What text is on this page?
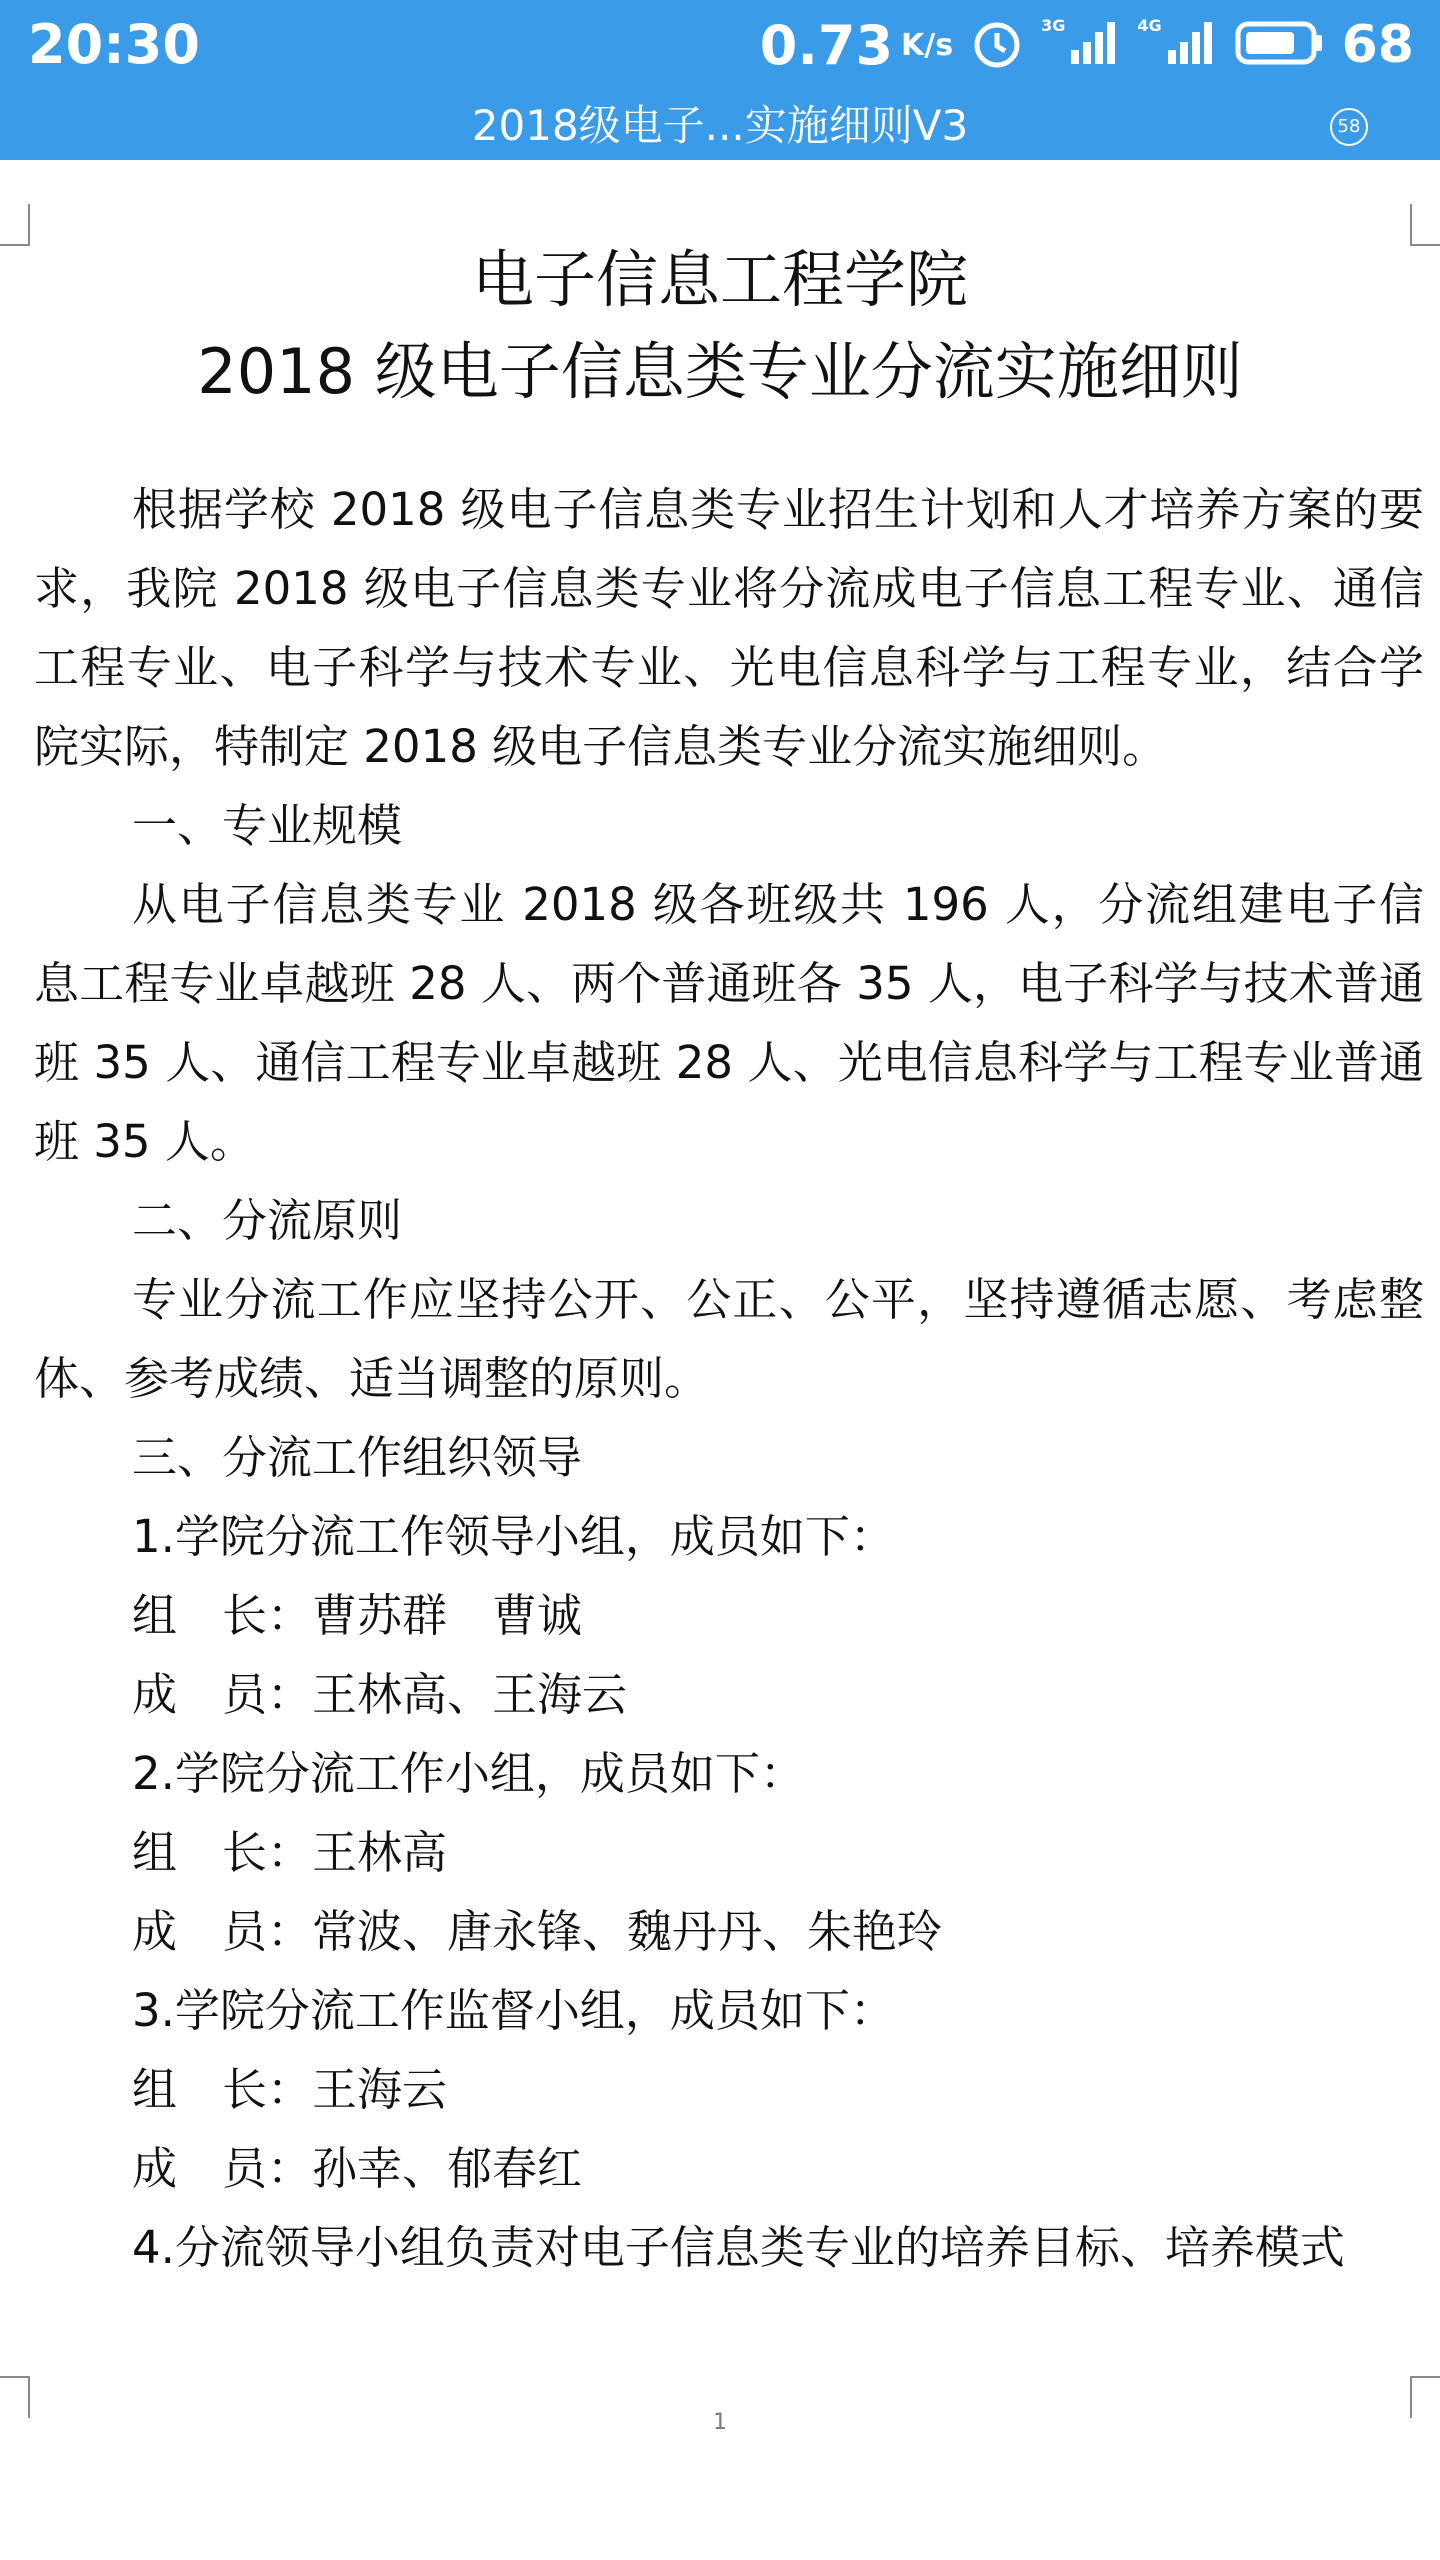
20:30	0.73 K/s
3G	4G	68
2018级电子...实施细则V3	58
电子信息工程学院
2018 级电子信息类专业分流实施细则
根据学校 2018 级电子信息类专业招生计划和人才培养方案的要求，我院 2018 级电子信息类专业将分流成电子信息工程专业、通信工程专业、电子科学与技术专业、光电信息科学与工程专业，结合学院实际，特制定 2018 级电子信息类专业分流实施细则。
一、专业规模
从电子信息类专业 2018 级各班级共 196 人，分流组建电子信息工程专业卓越班 28 人、两个普通班各 35 人，电子科学与技术普通班 35 人、通信工程专业卓越班 28 人、光电信息科学与工程专业普通班 35 人。
二、分流原则
专业分流工作应坚持公开、公正、公平，坚持遵循志愿、考虑整体、参考成绩、适当调整的原则。
三、分流工作组织领导
1.学院分流工作领导小组，成员如下：
组　长：曹苏群　曹诚
成　员：王林高、王海云
2.学院分流工作小组，成员如下：
组　长：王林高
成　员：常波、唐永锋、魏丹丹、朱艳玲
3.学院分流工作监督小组，成员如下：
组　长：王海云
成　员：孙幸、郁春红
4.分流领导小组负责对电子信息类专业的培养目标、培养模式
1
